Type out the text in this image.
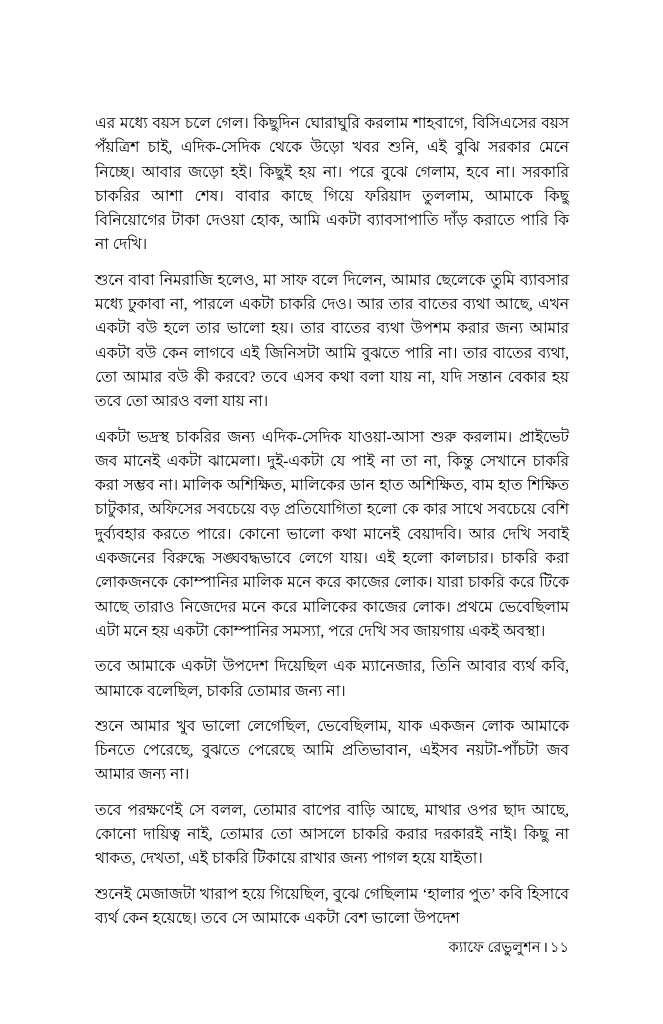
এর মধ্যে বয়স চলে গেল। কিছুদিন ঘোরাঘুরি করলাম শাহবাগে, বিসিএসের বয়স পঁয়ত্রিশ চাই, এদিক-সেদিক থেকে উড়ো খবর শুনি, এই বুঝি সরকার মেনে নিচ্ছে। আবার জড়ো হই। কিছুই হয় না। পরে বুঝে গেলাম, হবে না। সরকারি চাকরির আশা শেষ। বাবার কাছে গিয়ে ফরিয়াদ তুললাম, আমাকে কিছু বিনিয়োগের টাকা দেওয়া হোক, আমি একটা ব্যাবসাপাতি দাঁড় করাতে পারি কি না দেখি।

শুনে বাবা নিমরাজি হলেও, মা সাফ বলে দিলেন, আমার ছেলেকে তুমি ব্যাবসার মধ্যে ঢুকাবা না, পারলে একটা চাকরি দেও। আর তার বাতের ব্যথা আছে, এখন একটা বউ হলে তার ভালো হয়। তার বাতের ব্যথা উপশম করার জন্য আমার একটা বউ কেন লাগবে এই জিনিসটা আমি বুঝতে পারি না। তার বাতের ব্যথা, তো আমার বউ কী করবে? তবে এসব কথা বলা যায় না, যদি সন্তান বেকার হয় তবে তো আরও বলা যায় না।

একটা ভদ্রস্থ চাকরির জন্য এদিক-সেদিক যাওয়া-আসা শুরু করলাম। প্রাইভেট জব মানেই একটা ঝামেলা। দুই-একটা যে পাই না তা না, কিন্তু সেখানে চাকরি করা সম্ভব না। মালিক অশিক্ষিত, মালিকের ডান হাত অশিক্ষিত, বাম হাত শিক্ষিত চাটুকার, অফিসের সবচেয়ে বড় প্রতিযোগিতা হলো কে কার সাথে সবচেয়ে বেশি দুর্ব্যবহার করতে পারে। কোনো ভালো কথা মানেই বেয়াদবি। আর দেখি সবাই একজনের বিরুদ্ধে সঙ্ঘবদ্ধভাবে লেগে যায়। এই হলো কালচার। চাকরি করা লোকজনকে কোম্পানির মালিক মনে করে কাজের লোক। যারা চাকরি করে টিকে আছে তারাও নিজেদের মনে করে মালিকের কাজের লোক। প্রথমে ভেবেছিলাম এটা মনে হয় একটা কোম্পানির সমস্যা, পরে দেখি সব জায়গায় একই অবস্থা।

তবে আমাকে একটা উপদেশ দিয়েছিল এক ম্যানেজার, তিনি আবার ব্যর্থ কবি, আমাকে বলেছিল, চাকরি তোমার জন্য না।

শুনে আমার খুব ভালো লেগেছিল, ভেবেছিলাম, যাক একজন লোক আমাকে চিনতে পেরেছে, বুঝতে পেরেছে আমি প্রতিভাবান, এইসব নয়টা-পাঁচটা জব আমার জন্য না।

তবে পরক্ষণেই সে বলল, তোমার বাপের বাড়ি আছে, মাথার ওপর ছাদ আছে, কোনো দায়িত্ব নাই, তোমার তো আসলে চাকরি করার দরকারই নাই। কিছু না থাকত, দেখতা, এই চাকরি টিকায়ে রাখার জন্য পাগল হয়ে যাইতা।

শুনেই মেজাজটা খারাপ হয়ে গিয়েছিল, বুঝে গেছিলাম ‘হালার পুত’ কবি হিসাবে ব্যর্থ কেন হয়েছে। তবে সে আমাকে একটা বেশ ভালো উপদেশ

ক্যাফে রেভুলুশন । ১১
